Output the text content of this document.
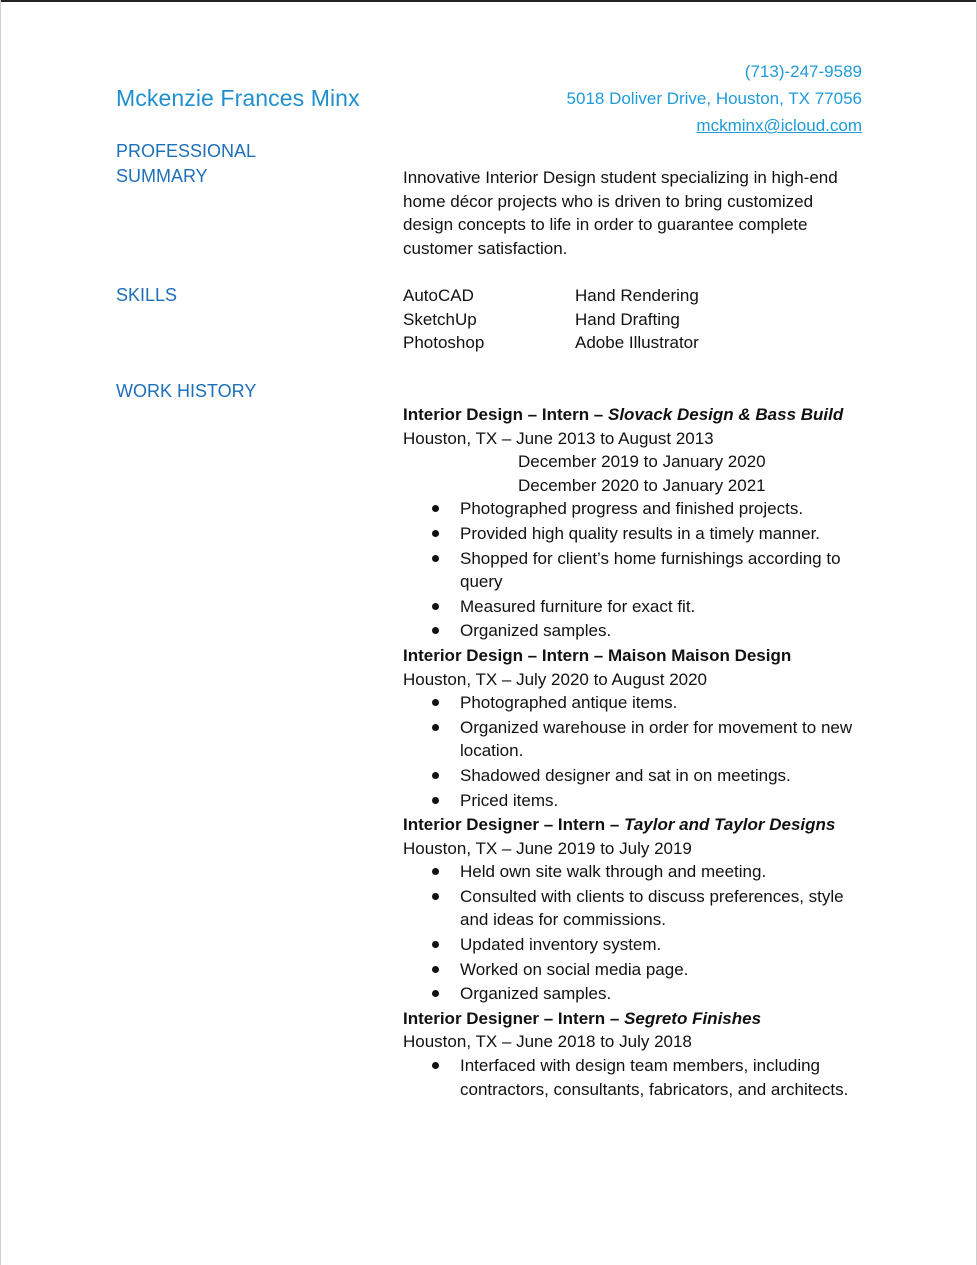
Mckenzie Frances Minx
(713)-247-9589
5018 Doliver Drive, Houston, TX 77056
mckminx@icloud.com
PROFESSIONAL
SUMMARY	Innovative Interior Design student specializing in high-end home décor projects who is driven to bring customized design concepts to life in order to guarantee complete customer satisfaction.
SKILLS	AutoCAD	Hand Rendering
SketchUp	Hand Drafting
Photoshop	Adobe Illustrator
WORK HISTORY
Interior Design – Intern – Slovack Design & Bass Build
Houston, TX – June 2013 to August 2013
December 2019 to January 2020
December 2020 to January 2021
Photographed progress and finished projects.
Provided high quality results in a timely manner.
Shopped for client’s home furnishings according to query
Measured furniture for exact fit.
Organized samples.
Interior Design – Intern – Maison Maison Design
Houston, TX – July 2020 to August 2020
Photographed antique items.
Organized warehouse in order for movement to new location.
Shadowed designer and sat in on meetings.
Priced items.
Interior Designer – Intern – Taylor and Taylor Designs
Houston, TX – June 2019 to July 2019
Held own site walk through and meeting.
Consulted with clients to discuss preferences, style and ideas for commissions.
Updated inventory system.
Worked on social media page.
Organized samples.
Interior Designer – Intern – Segreto Finishes
Houston, TX – June 2018 to July 2018
Interfaced with design team members, including contractors, consultants, fabricators, and architects.
